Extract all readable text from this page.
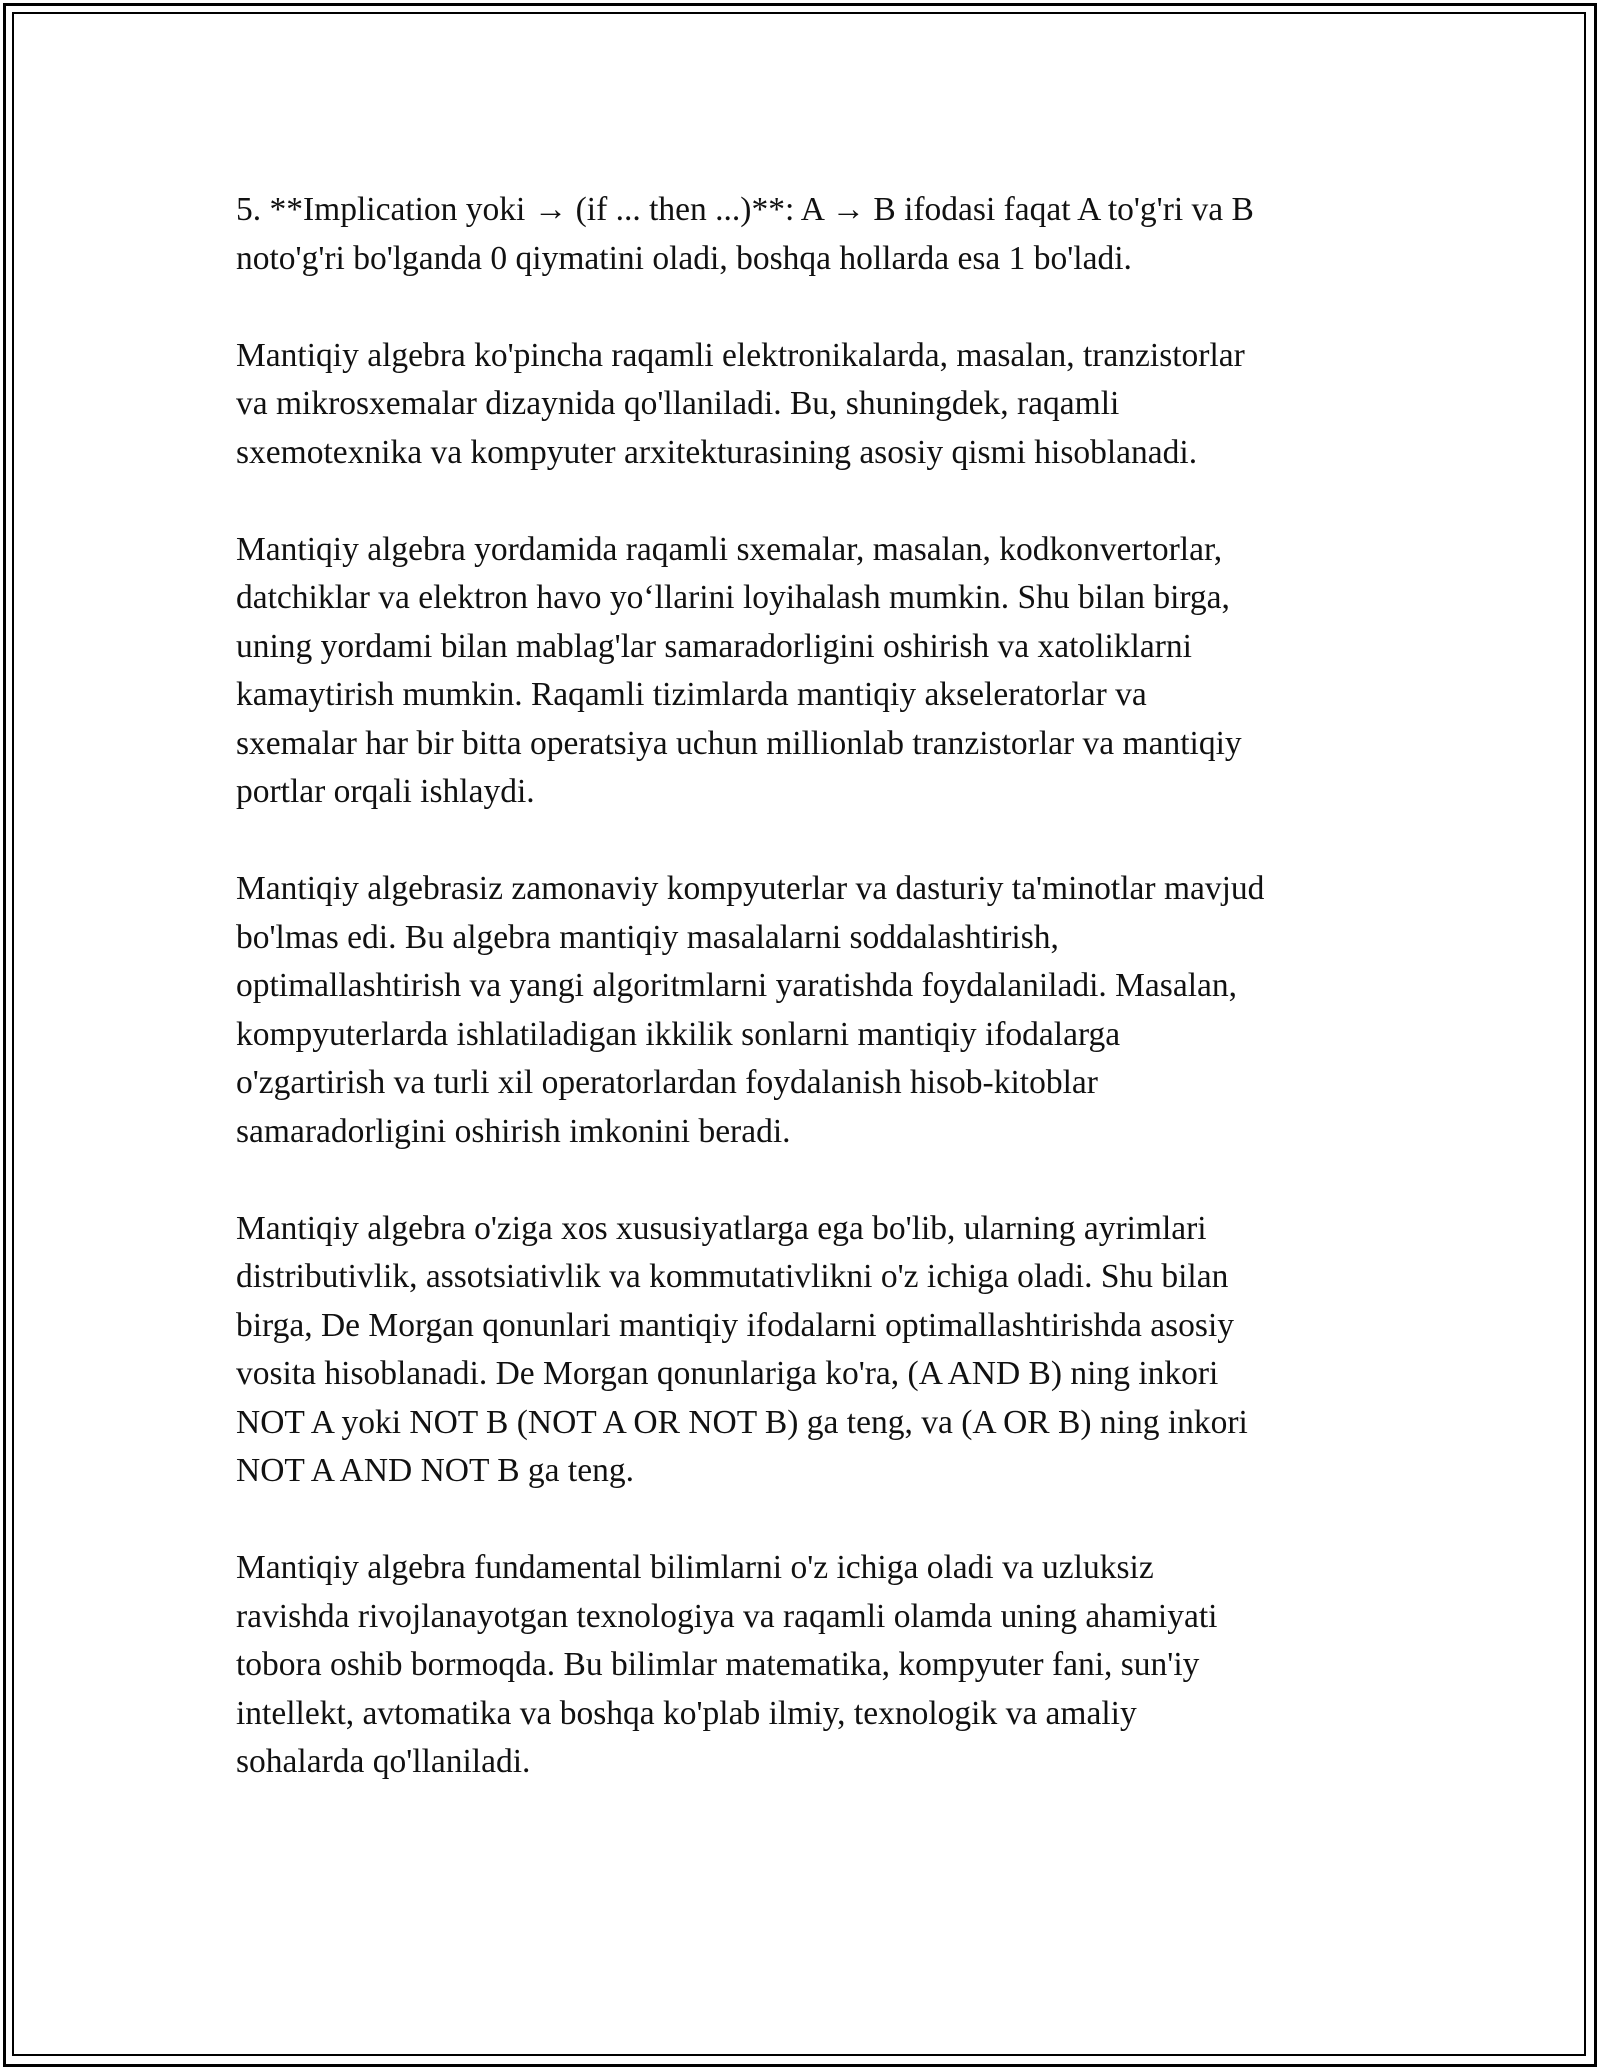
5. **Implication yoki → (if ... then ...)**: A → B ifodasi faqat A to'g'ri va B
noto'g'ri bo'lganda 0 qiymatini oladi, boshqa hollarda esa 1 bo'ladi.

Mantiqiy algebra ko'pincha raqamli elektronikalarda, masalan, tranzistorlar
va mikrosxemalar dizaynida qo'llaniladi. Bu, shuningdek, raqamli
sxemotexnika va kompyuter arxitekturasining asosiy qismi hisoblanadi.

Mantiqiy algebra yordamida raqamli sxemalar, masalan, kodkonvertorlar,
datchiklar va elektron havo yo‘llarini loyihalash mumkin. Shu bilan birga,
uning yordami bilan mablag'lar samaradorligini oshirish va xatoliklarni
kamaytirish mumkin. Raqamli tizimlarda mantiqiy akseleratorlar va
sxemalar har bir bitta operatsiya uchun millionlab tranzistorlar va mantiqiy
portlar orqali ishlaydi.

Mantiqiy algebrasiz zamonaviy kompyuterlar va dasturiy ta'minotlar mavjud
bo'lmas edi. Bu algebra mantiqiy masalalarni soddalashtirish,
optimallashtirish va yangi algoritmlarni yaratishda foydalaniladi. Masalan,
kompyuterlarda ishlatiladigan ikkilik sonlarni mantiqiy ifodalarga
o'zgartirish va turli xil operatorlardan foydalanish hisob-kitoblar
samaradorligini oshirish imkonini beradi.

Mantiqiy algebra o'ziga xos xususiyatlarga ega bo'lib, ularning ayrimlari
distributivlik, assotsiativlik va kommutativlikni o'z ichiga oladi. Shu bilan
birga, De Morgan qonunlari mantiqiy ifodalarni optimallashtirishda asosiy
vosita hisoblanadi. De Morgan qonunlariga ko'ra, (A AND B) ning inkori
NOT A yoki NOT B (NOT A OR NOT B) ga teng, va (A OR B) ning inkori
NOT A AND NOT B ga teng.

Mantiqiy algebra fundamental bilimlarni o'z ichiga oladi va uzluksiz
ravishda rivojlanayotgan texnologiya va raqamli olamda uning ahamiyati
tobora oshib bormoqda. Bu bilimlar matematika, kompyuter fani, sun'iy
intellekt, avtomatika va boshqa ko'plab ilmiy, texnologik va amaliy
sohalarda qo'llaniladi.
